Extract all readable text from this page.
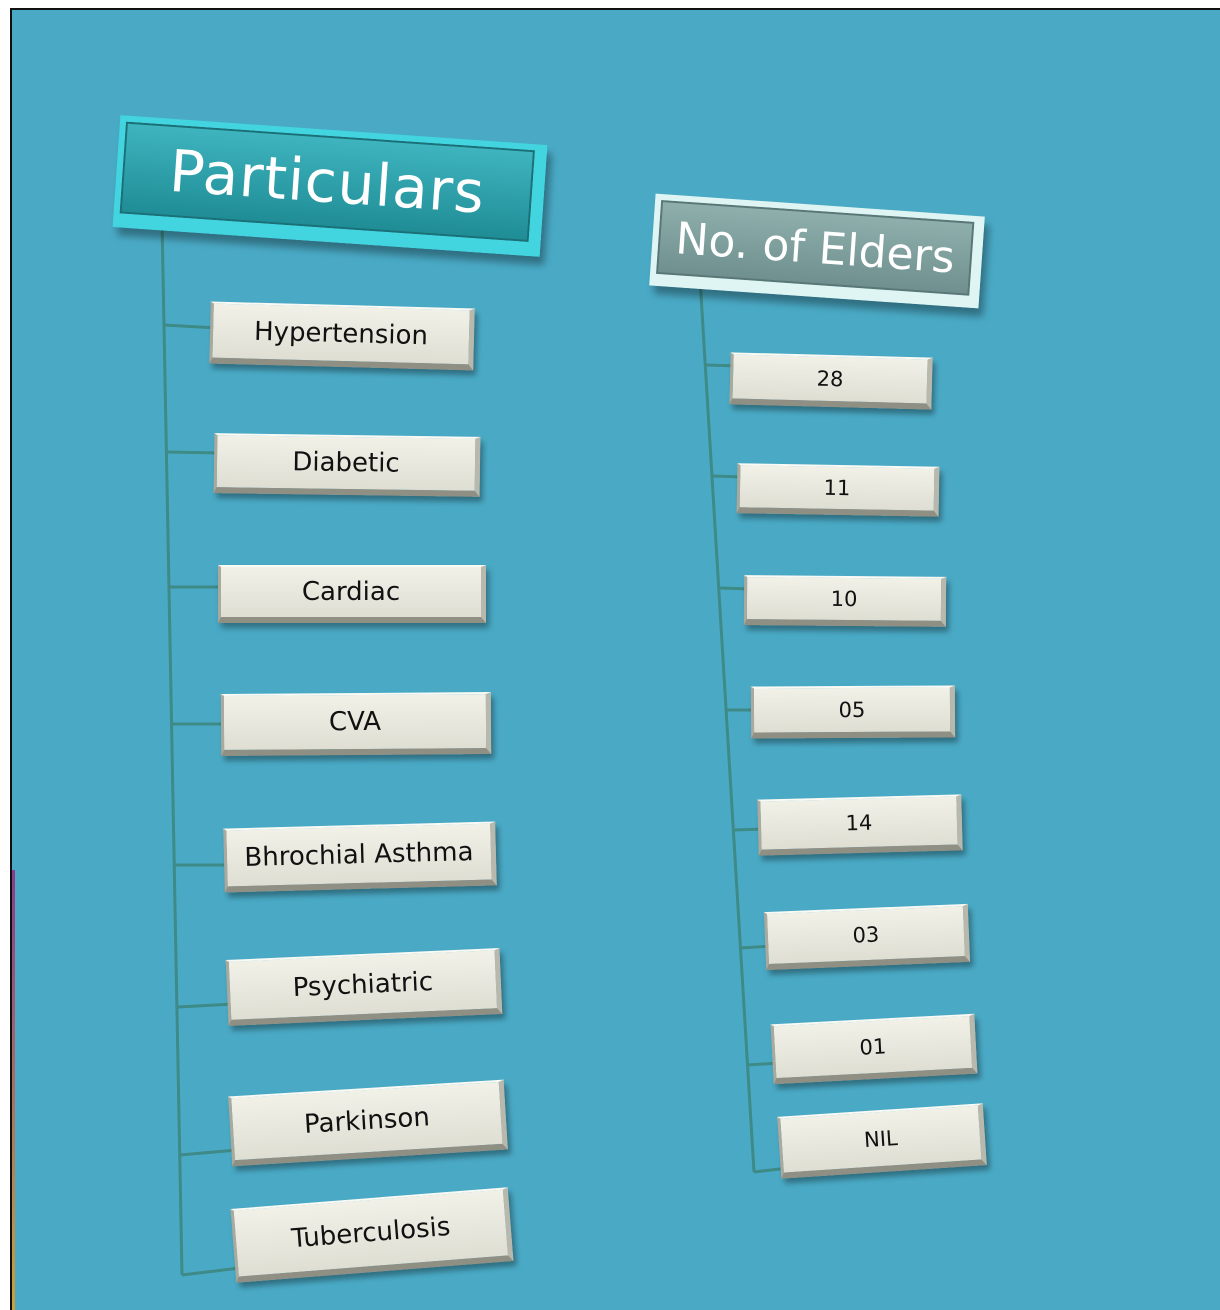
Particulars
No. of Elders
Hypertension
Diabetic
Cardiac
CVA
Bhrochial Asthma
Psychiatric
Parkinson
Tuberculosis
28
11
10
05
14
03
01
NIL
